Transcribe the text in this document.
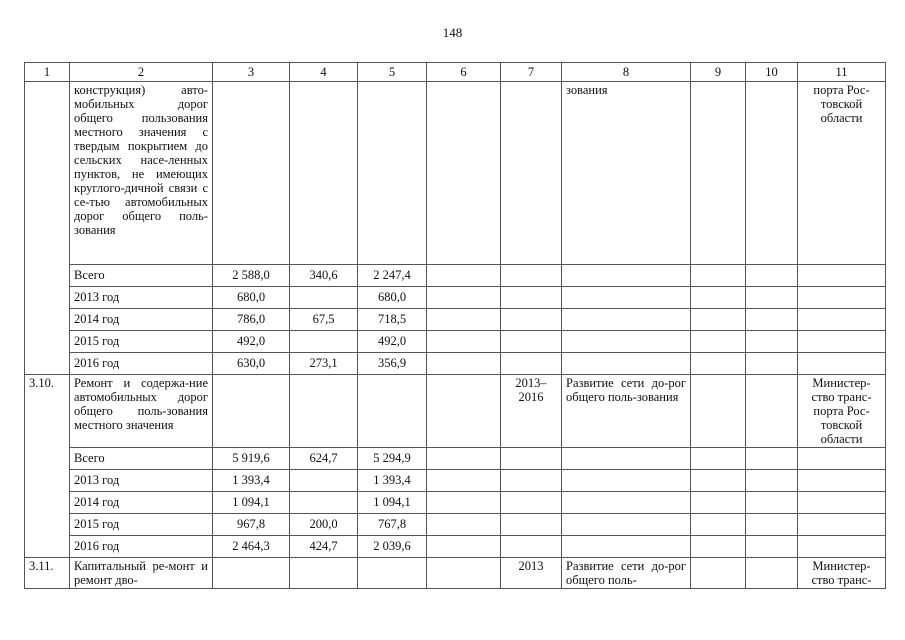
148
1	2	3	4	5	6	7	8	9	10	11
	конструкция) авто-мобильных дорог общего пользования местного значения с твердым покрытием до сельских насе-ленных пунктов, не имеющих круглого-дичной связи с се-тью автомобильных дорог общего поль-зования						зования			порта Рос-товской области
	Всего	2 588,0	340,6	2 247,4						
	2013 год	680,0		680,0						
	2014 год	786,0	67,5	718,5						
	2015 год	492,0		492,0						
	2016 год	630,0	273,1	356,9						
3.10.	Ремонт и содержа-ние автомобильных дорог общего поль-зования местного значения					2013–2016	Развитие сети до-рог общего поль-зования			Министер-ство транс-порта Рос-товской области
	Всего	5 919,6	624,7	5 294,9						
	2013 год	1 393,4		1 393,4						
	2014 год	1 094,1		1 094,1						
	2015 год	967,8	200,0	767,8						
	2016 год	2 464,3	424,7	2 039,6						
3.11.	Капитальный ре-монт и ремонт дво-					2013	Развитие сети до-рог общего поль-			Министер-ство транс-
